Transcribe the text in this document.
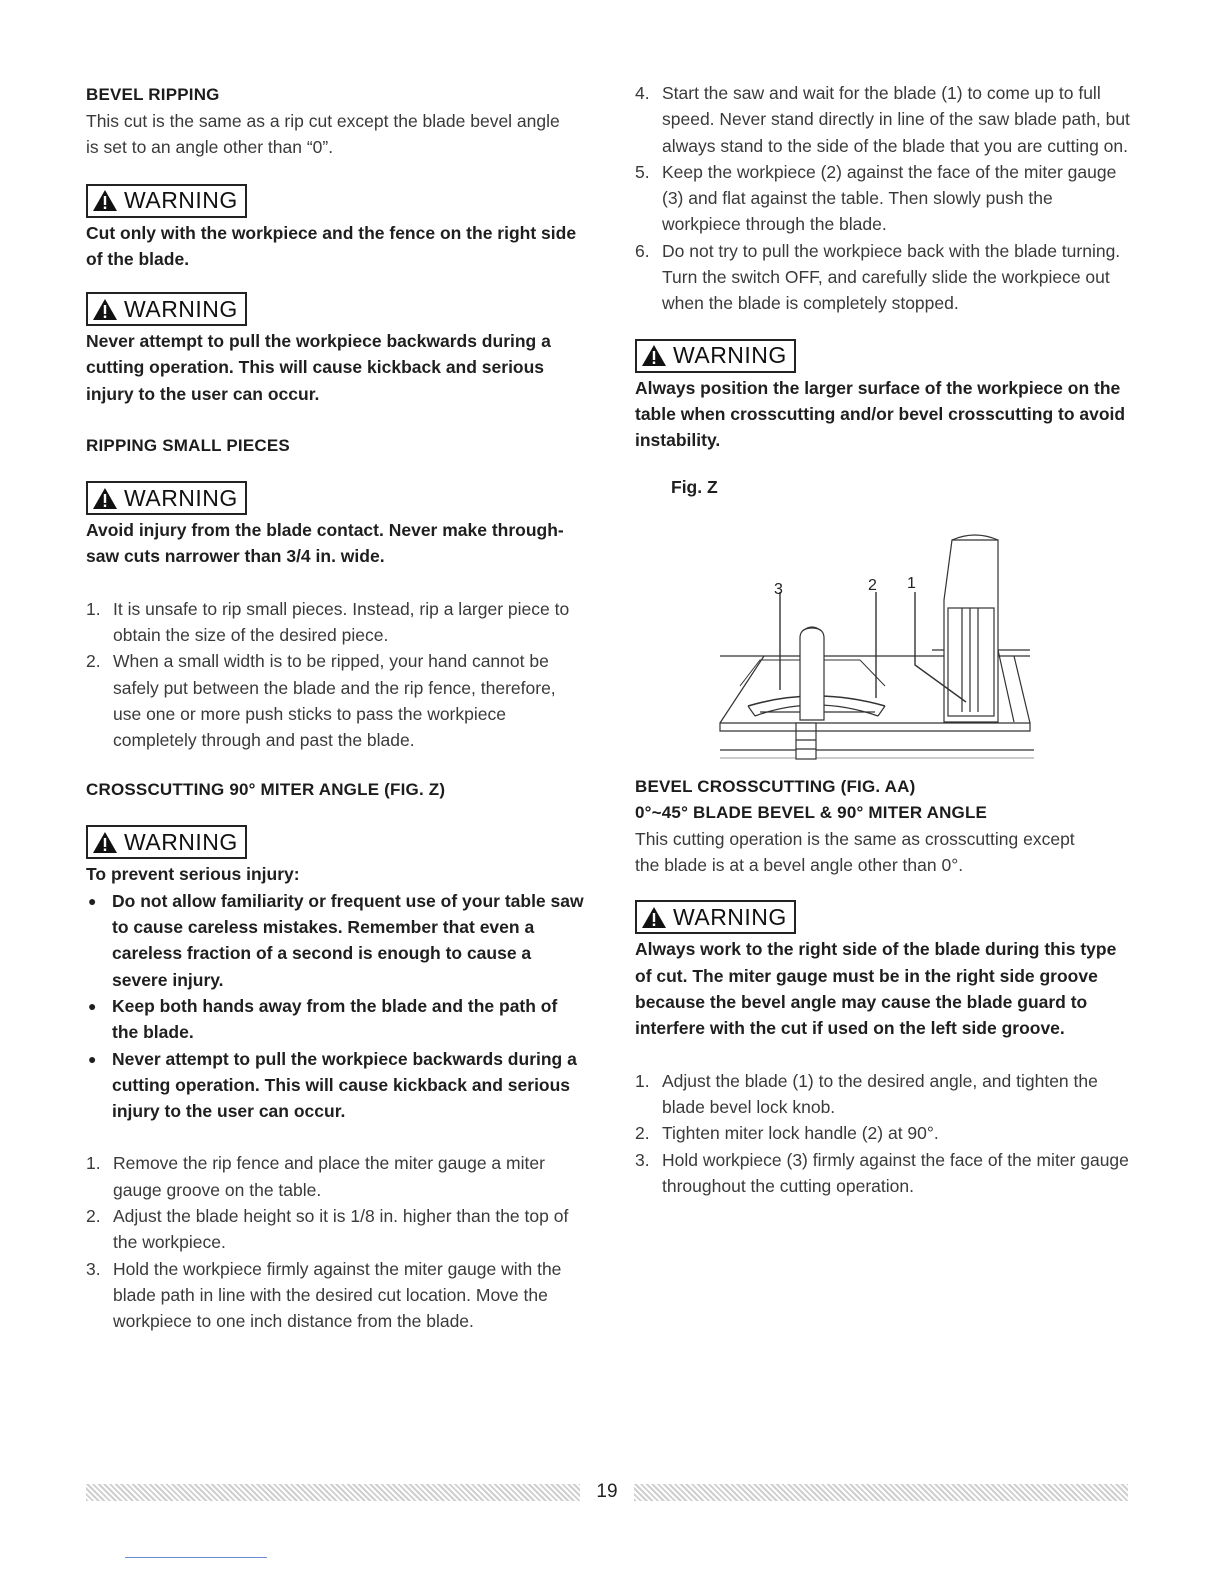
BEVEL RIPPING

This cut is the same as a rip cut except the blade bevel angle is set to an angle other than “0”.

WARNING

Cut only with the workpiece and the fence on the right side of the blade.

WARNING

Never attempt to pull the workpiece backwards during a cutting operation. This will cause kickback and serious injury to the user can occur.

RIPPING SMALL PIECES

WARNING

Avoid injury from the blade contact. Never make through-saw cuts narrower than 3/4 in. wide.

1. It is unsafe to rip small pieces. Instead, rip a larger piece to obtain the size of the desired piece.
2. When a small width is to be ripped, your hand cannot be safely put between the blade and the rip fence, therefore, use one or more push sticks to pass the workpiece completely through and past the blade.

CROSSCUTTING 90° MITER ANGLE (FIG. Z)

WARNING

To prevent serious injury:

● Do not allow familiarity or frequent use of your table saw to cause careless mistakes. Remember that even a careless fraction of a second is enough to cause a severe injury.
● Keep both hands away from the blade and the path of the blade.
● Never attempt to pull the workpiece backwards during a cutting operation. This will cause kickback and serious injury to the user can occur.
1. Remove the rip fence and place the miter gauge a miter gauge groove on the table.
2. Adjust the blade height so it is 1/8 in. higher than the top of the workpiece.
3. Hold the workpiece firmly against the miter gauge with the blade path in line with the desired cut location. Move the workpiece to one inch distance from the blade.
4. Start the saw and wait for the blade (1) to come up to full speed. Never stand directly in line of the saw blade path, but always stand to the side of the blade that you are cutting on.
5. Keep the workpiece (2) against the face of the miter gauge (3) and flat against the table. Then slowly push the workpiece through the blade.
6. Do not try to pull the workpiece back with the blade turning. Turn the switch OFF, and carefully slide the workpiece out when the blade is completely stopped.
WARNING

Always position the larger surface of the workpiece on the table when crosscutting and/or bevel crosscutting to avoid instability.

Fig. Z

BEVEL CROSSCUTTING (FIG. AA)

0°~45° BLADE BEVEL & 90° MITER ANGLE

This cutting operation is the same as crosscutting except the blade is at a bevel angle other than 0°.

WARNING

Always work to the right side of the blade during this type of cut. The miter gauge must be in the right side groove because the bevel angle may cause the blade guard to interfere with the cut if used on the left side groove.

1. Adjust the blade (1) to the desired angle, and tighten the blade bevel lock knob.
2. Tighten miter lock handle (2) at 90°.
3. Hold workpiece (3) firmly against the face of the miter gauge throughout the cutting operation.
3	2 1
19
